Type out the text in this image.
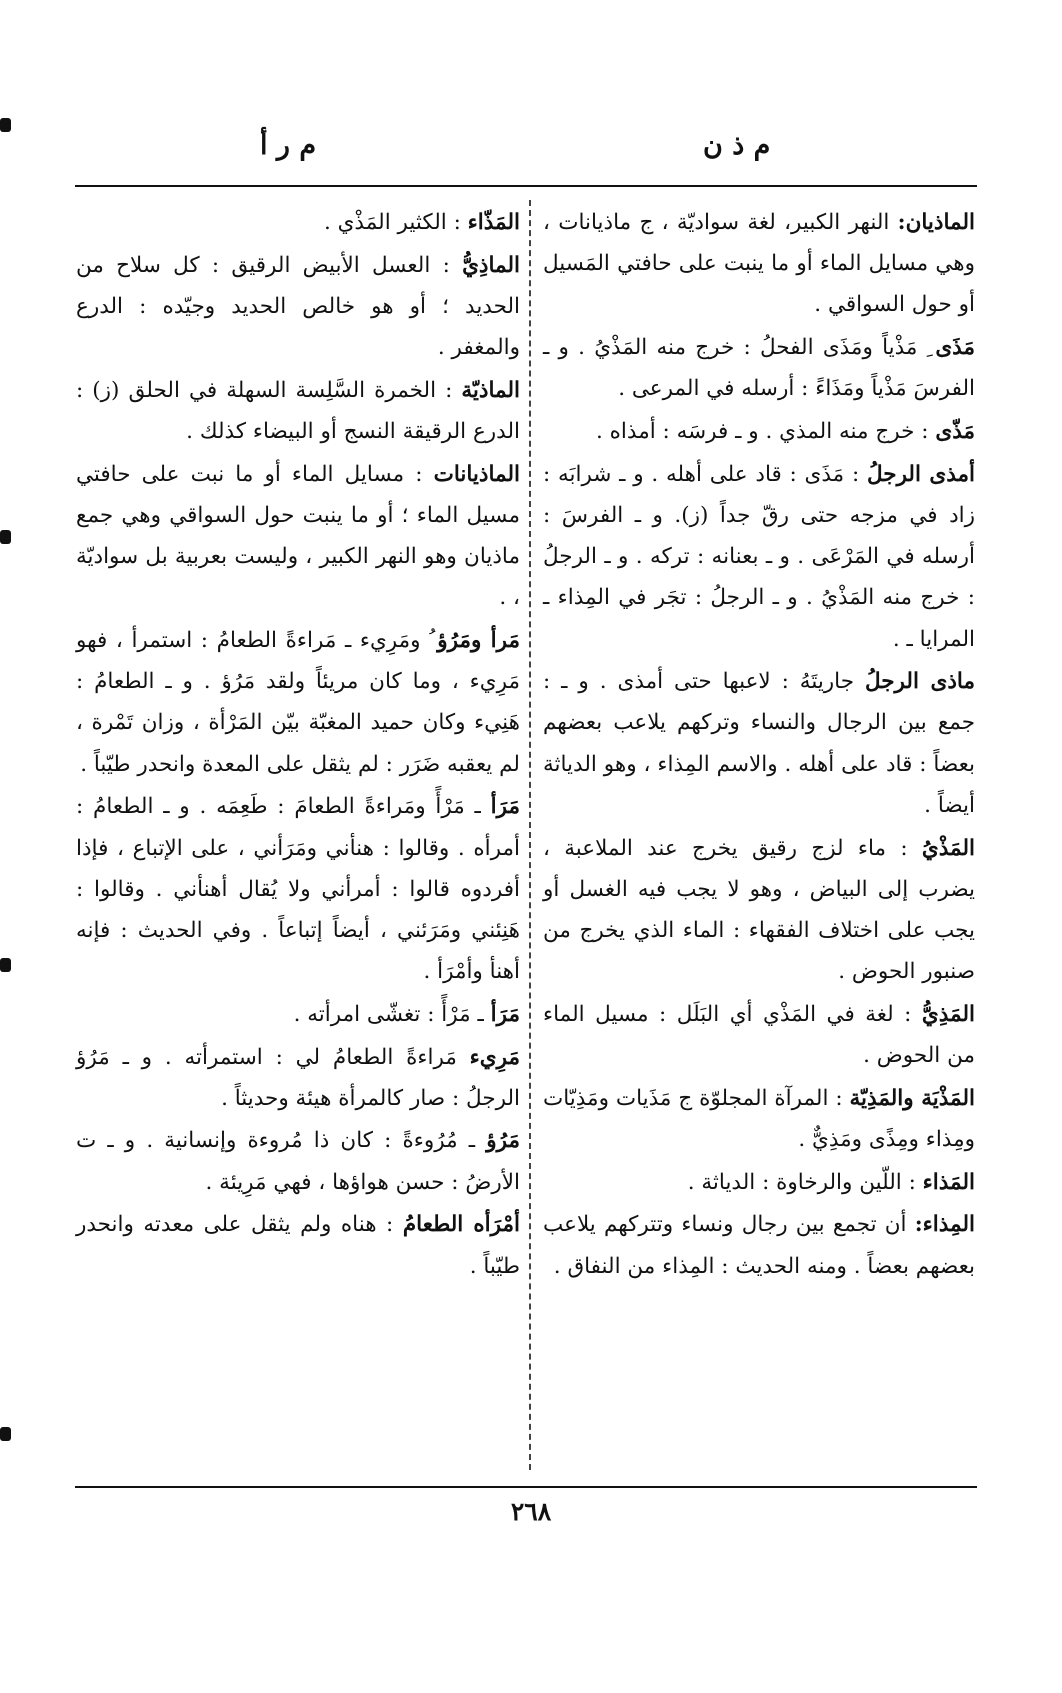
م ذ ن
م ر أ
الماذيان: النهر الكبير، لغة سواديّة ، ج ماذيانات ، وهي مسايل الماء أو ما ينبت على حافتي المَسيل أو حول السواقي .
مَذَى ِ مَذْياً ومَذَى الفحلُ : خرج منه المَذْيُ . و ـ الفرسَ مَذْياً ومَذَاءً : أرسله في المرعى .
مَذّى : خرج منه المذي . و ـ فرسَه : أمذاه .
أمذى الرجلُ : مَذَى : قاد على أهله . و ـ شرابَه : زاد في مزجه حتى رقّ جداً (ز). و ـ الفرسَ : أرسله في المَرْعَى . و ـ بعنانه : تركه . و ـ الرجلُ : خرج منه المَذْيُ . و ـ الرجلُ : تجَر في المِذاء ـ المرايا ـ .
ماذى الرجلُ جاريتَهُ : لاعبها حتى أمذى . و ـ : جمع بين الرجال والنساء وتركهم يلاعب بعضهم بعضاً : قاد على أهله . والاسم المِذاء ، وهو الدياثة أيضاً .
المَذْيُ : ماء لزج رقيق يخرج عند الملاعبة ، يضرب إلى البياض ، وهو لا يجب فيه الغسل أو يجب على اختلاف الفقهاء : الماء الذي يخرج من صنبور الحوض .
المَذِيُّ : لغة في المَذْي أي البَلَل : مسيل الماء من الحوض .
المَذْيَة والمَذِيّة : المرآة المجلوّة ج مَذَيات ومَذِيّات ومِذاء ومِذًى ومَذِيٌّ .
المَذاء : اللّين والرخاوة : الدياثة .
المِذاء: أن تجمع بين رجال ونساء وتتركهم يلاعب بعضهم بعضاً . ومنه الحديث : المِذاء من النفاق .
المَذّاء : الكثير المَذْي .
الماذِيُّ : العسل الأبيض الرقيق : كل سلاح من الحديد ؛ أو هو خالص الحديد وجيّده : الدرع والمغفر .
الماذيّة : الخمرة السَّلِسة السهلة في الحلق (ز) : الدرع الرقيقة النسج أو البيضاء كذلك .
الماذيانات : مسايل الماء أو ما نبت على حافتي مسيل الماء ؛ أو ما ينبت حول السواقي وهي جمع ماذيان وهو النهر الكبير ، وليست بعربية بل سواديّة ، .
مَرأ ومَرُؤ ُ ومَرِيء ـ مَراءةً الطعامُ : استمرأ ، فهو مَرِيء ، وما كان مريئاً ولقد مَرُؤ . و ـ الطعامُ : هَنِيء وكان حميد المغبّة بيّن المَرْأة ، وزان تَمْرة ، لم يعقبه ضَرَر : لم يثقل على المعدة وانحدر طيّباً .
مَرَأ ـ مَرْأً ومَراءةً الطعامَ : طَعِمَه . و ـ الطعامُ : أمرأه . وقالوا : هنأني ومَرَأني ، على الإتباع ، فإذا أفردوه قالوا : أمرأني ولا يُقال أهنأني . وقالوا : هَنِئني ومَرَئني ، أيضاً إتباعاً . وفي الحديث : فإنه أهنأ وأمْرَأ .
مَرَأ ـ مَرْأً : تغشّى امرأته .
مَرِيء مَراءةً الطعامُ لي : استمرأته . و ـ مَرُؤ الرجلُ : صار كالمرأة هيئة وحديثاً .
مَرُؤ ـ مُرُوءةً : كان ذا مُروءة وإنسانية . و ـ ت الأرضُ : حسن هواؤها ، فهي مَرِيئة .
أمْرَأه الطعامُ : هناه ولم يثقل على معدته وانحدر طيّباً .
٢٦٨
